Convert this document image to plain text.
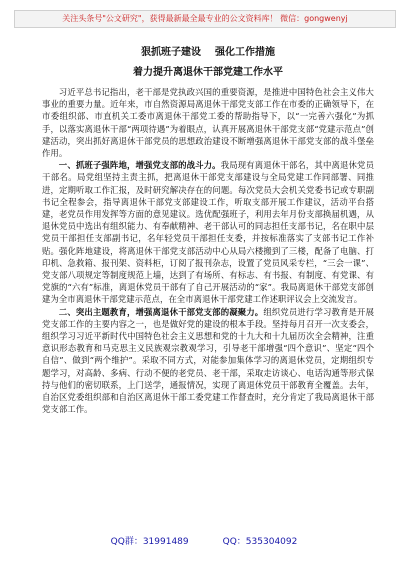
关注头条号"公文研究"，获得最新最全最专业的公文资料库！ 微信：gongwenyj

狠抓班子建设 强化工作措施

着力提升离退休干部党建工作水平

习近平总书记指出，老干部是党执政兴国的重要资源，是推进中国特色社会主义伟大事业的重要力量。近年来，市自然资源局离退休干部党支部工作在市委的正确领导下，在市委组织部、市直机关工委市离退休干部党工委的帮助指导下，以“一完善六强化”为抓手，以落实离退休干部“两项待遇”为着眼点，认真开展离退休干部党支部“党建示范点”创建活动，突出抓好离退休干部党员的思想政治建设不断增强离退休干部党支部的战斗堡垒作用。

一、抓班子强阵地，增强党支部的战斗力。我局现有离退休干部名，其中离退休党员干部名。局党组坚持主责主抓，把离退休干部党支部建设与全局党建工作同部署、同推进，定期听取工作汇报，及时研究解决存在的问题。每次党员大会机关党委书记或专职副书记全程参会，指导离退休干部党支部建设工作，听取支部开展工作建议，活动平台搭建，老党员作用发挥等方面的意见建议。选优配强班子，利用去年月份支部换届机遇，从退休党员中选出有组织能力、有奉献精神、老干部认可的同志担任支部书记，名在职中层党员干部担任支部副书记，名年轻党员干部担任支委，并按标准落实了支部书记工作补贴。强化阵地建设，将离退休干部党支部活动中心从局六楼搬到了三楼，配备了电脑、打印机、急救箱、报刊架、资料柜，订阅了报刊杂志，设置了党员风采专栏，“三会一课”、党支部八项规定等制度规范上墙，达到了有场所、有标志、有书报、有制度、有党课、有党旗的“六有”标准，离退休党员干部有了自己开展活动的“家”。我局离退休干部党支部创建为全市离退休干部党建示范点，在全市离退休干部党建工作述职评议会上交流发言。

二、突出主题教育，增强离退休干部党支部的凝聚力。组织党员进行学习教育是开展党支部工作的主要内容之一，也是做好党的建设的根本手段。坚持每月召开一次支委会，组织学习习近平新时代中国特色社会主义思想和党的十九大和十九届历次全会精神，注重意识形态教育和马克思主义民族观宗教观学习，引导老干部增强“四个意识”、坚定“四个自信”、做到“两个维护”。采取不同方式，对能参加集体学习的离退休党员，定期组织专题学习，对高龄、多病、行动不便的老党员、老干部，采取走访谈心、电话沟通等形式保持与他们的密切联系，上门送学，通报情况，实现了离退休党员干部教育全覆盖。去年，自治区党委组织部和自治区离退休干部工委党建工作督查时，充分肯定了我局离退休干部党支部工作。

QQ群：31991489	QQ：535304092
